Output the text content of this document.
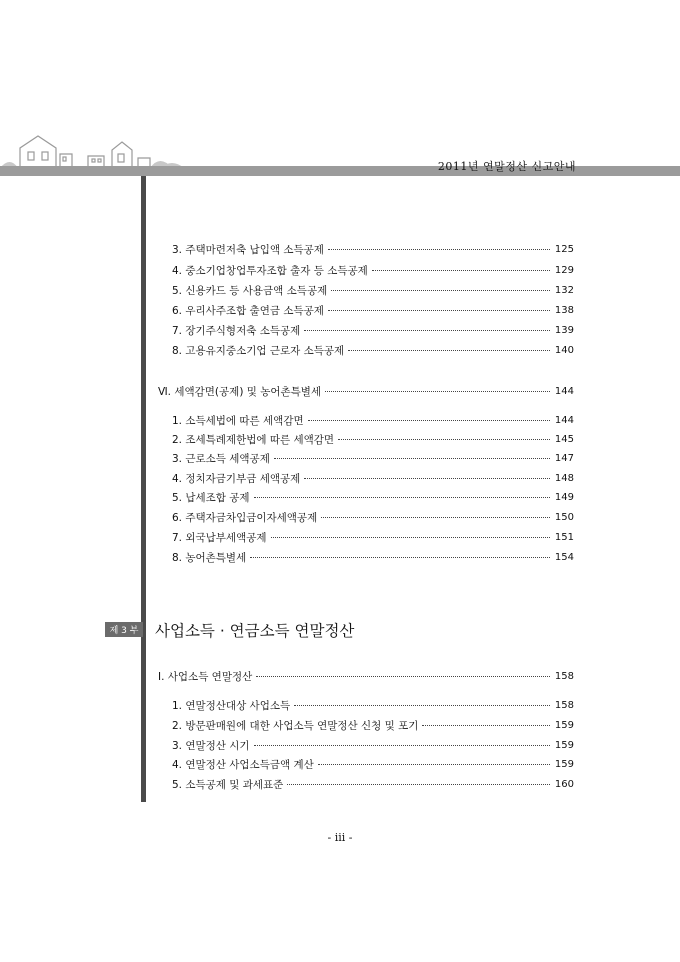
2011년 연말정산 신고안내
3. 주택마련저축 납입액 소득공제	125
4. 중소기업창업투자조합 출자 등 소득공제	129
5. 신용카드 등 사용금액 소득공제	132
6. 우리사주조합 출연금 소득공제	138
7. 장기주식형저축 소득공제	139
8. 고용유지중소기업 근로자 소득공제	140
Ⅵ. 세액감면(공제) 및 농어촌특별세	144
1. 소득세법에 따른 세액감면	144
2. 조세특례제한법에 따른 세액감면	145
3. 근로소득 세액공제	147
4. 정치자금기부금 세액공제	148
5. 납세조합 공제	149
6. 주택자금차입금이자세액공제	150
7. 외국납부세액공제	151
8. 농어촌특별세	154
제 3 부 사업소득 · 연금소득 연말정산
Ⅰ. 사업소득 연말정산	158
1. 연말정산대상 사업소득	158
2. 방문판매원에 대한 사업소득 연말정산 신청 및 포기	159
3. 연말정산 시기	159
4. 연말정산 사업소득금액 계산	159
5. 소득공제 및 과세표준	160
- iii -
